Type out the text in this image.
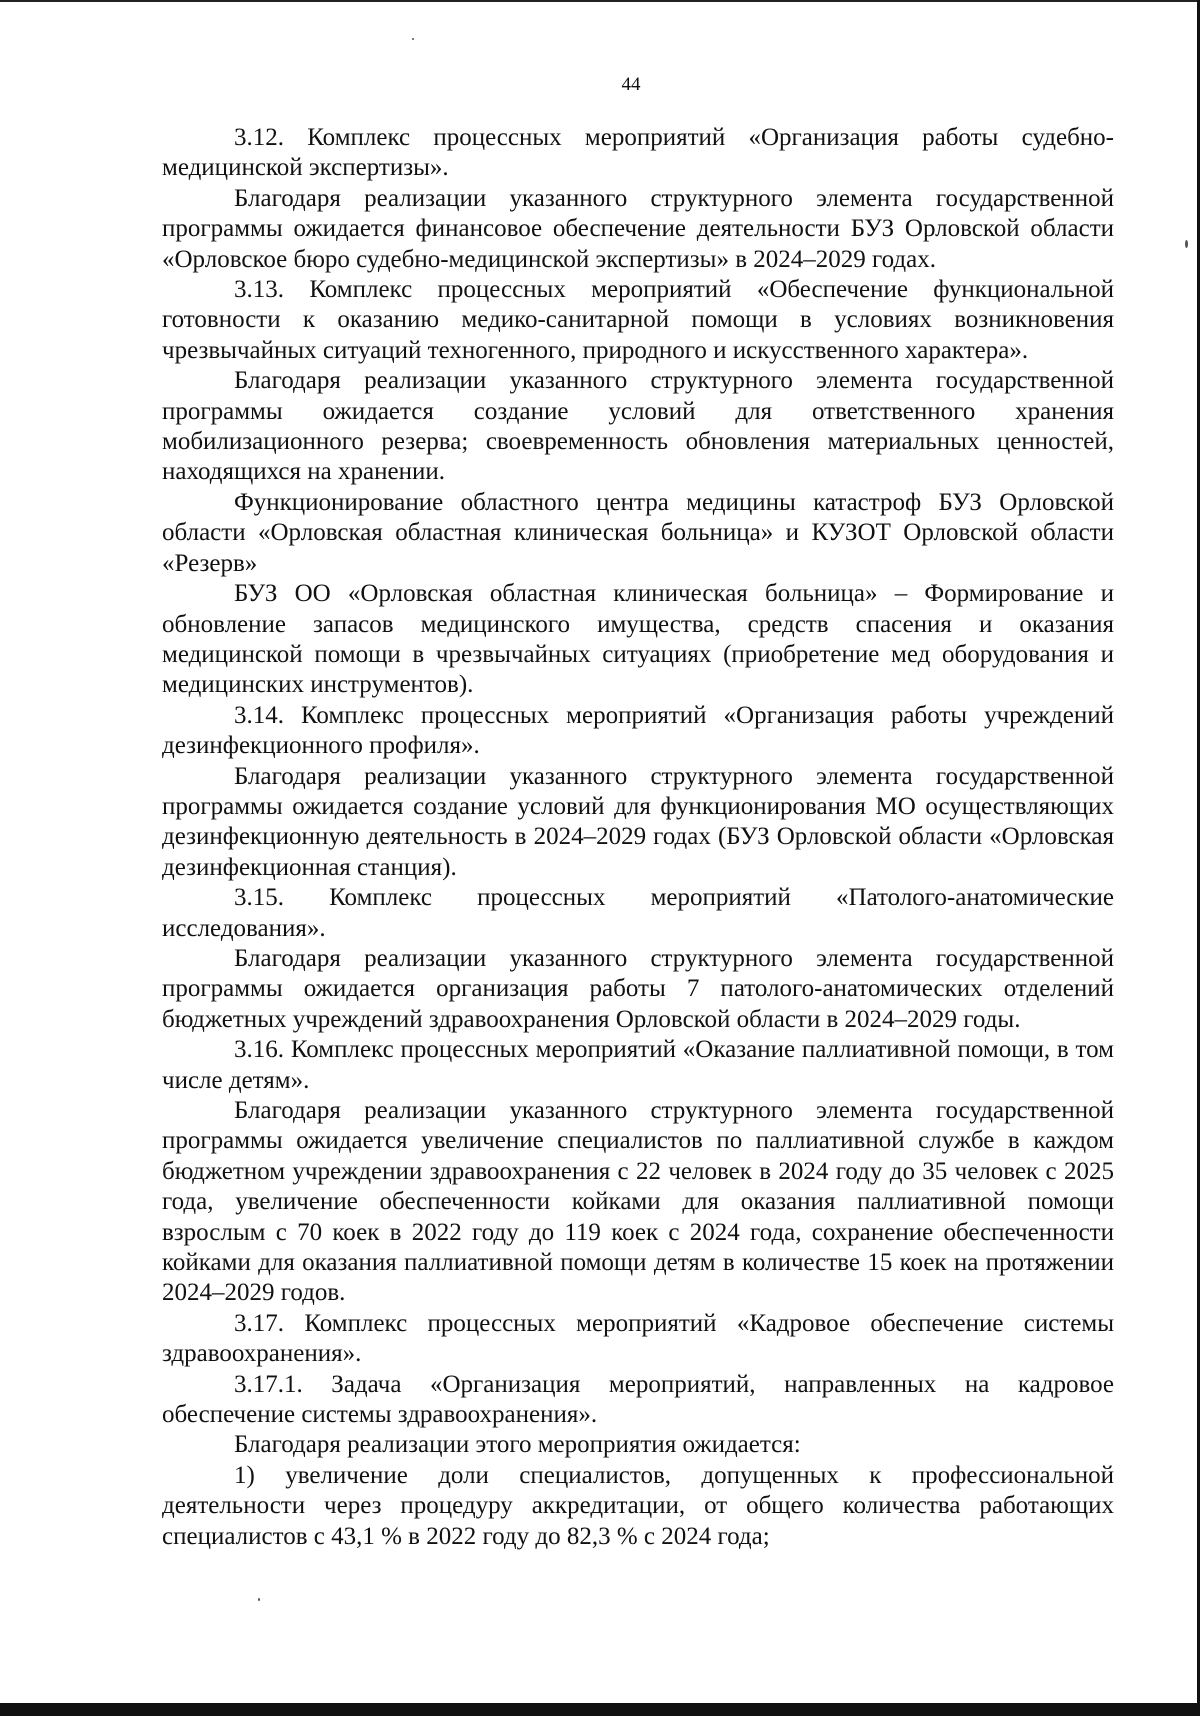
44

3.12. Комплекс процессных мероприятий «Организация работы судебно-медицинской экспертизы».

Благодаря реализации указанного структурного элемента государственной программы ожидается финансовое обеспечение деятельности БУЗ Орловской области «Орловское бюро судебно-медицинской экспертизы» в 2024–2029 годах.

3.13. Комплекс процессных мероприятий «Обеспечение функциональной готовности к оказанию медико-санитарной помощи в условиях возникновения чрезвычайных ситуаций техногенного, природного и искусственного характера».

Благодаря реализации указанного структурного элемента государственной программы ожидается создание условий для ответственного хранения мобилизационного резерва; своевременность обновления материальных ценностей, находящихся на хранении.

Функционирование областного центра медицины катастроф БУЗ Орловской области «Орловская областная клиническая больница» и КУЗОТ Орловской области «Резерв»

БУЗ ОО «Орловская областная клиническая больница» – Формирование и обновление запасов медицинского имущества, средств спасения и оказания медицинской помощи в чрезвычайных ситуациях (приобретение мед оборудования и медицинских инструментов).

3.14. Комплекс процессных мероприятий «Организация работы учреждений дезинфекционного профиля».

Благодаря реализации указанного структурного элемента государственной программы ожидается создание условий для функционирования МО осуществляющих дезинфекционную деятельность в 2024–2029 годах (БУЗ Орловской области «Орловская дезинфекционная станция).

3.15. Комплекс процессных мероприятий «Патолого-анатомические исследования».

Благодаря реализации указанного структурного элемента государственной программы ожидается организация работы 7 патолого-анатомических отделений бюджетных учреждений здравоохранения Орловской области в 2024–2029 годы.

3.16. Комплекс процессных мероприятий «Оказание паллиативной помощи, в том числе детям».

Благодаря реализации указанного структурного элемента государственной программы ожидается увеличение специалистов по паллиативной службе в каждом бюджетном учреждении здравоохранения с 22 человек в 2024 году до 35 человек с 2025 года, увеличение обеспеченности койками для оказания паллиативной помощи взрослым с 70 коек в 2022 году до 119 коек с 2024 года, сохранение обеспеченности койками для оказания паллиативной помощи детям в количестве 15 коек на протяжении 2024–2029 годов.

3.17. Комплекс процессных мероприятий «Кадровое обеспечение системы здравоохранения».

3.17.1. Задача «Организация мероприятий, направленных на кадровое обеспечение системы здравоохранения».

Благодаря реализации этого мероприятия ожидается:

1) увеличение доли специалистов, допущенных к профессиональной деятельности через процедуру аккредитации, от общего количества работающих специалистов с 43,1 % в 2022 году до 82,3 % с 2024 года;
